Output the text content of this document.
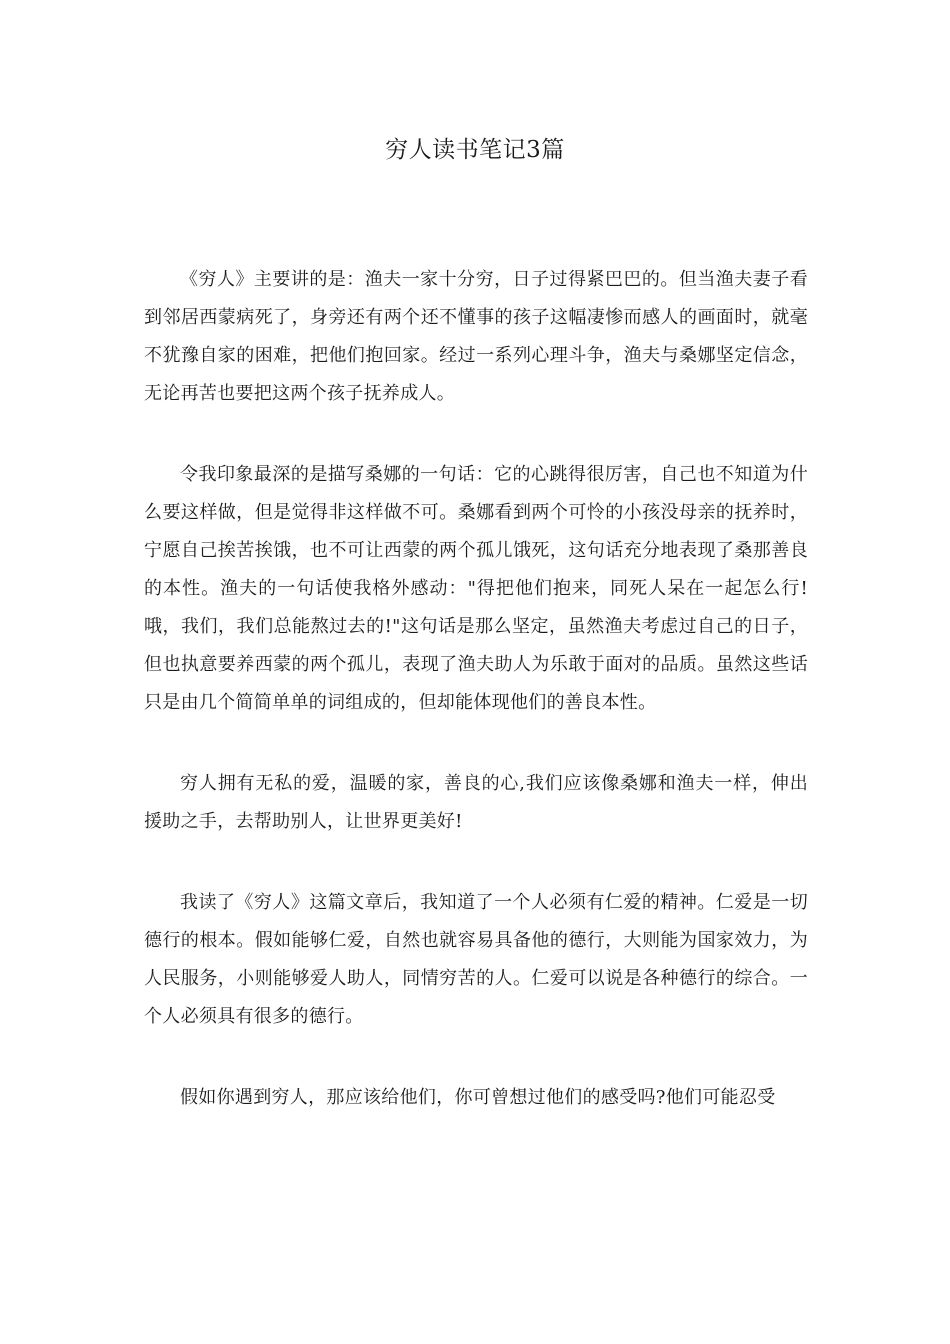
穷人读书笔记3篇

《穷人》主要讲的是：渔夫一家十分穷，日子过得紧巴巴的。但当渔夫妻子看到邻居西蒙病死了，身旁还有两个还不懂事的孩子这幅凄惨而感人的画面时，就毫不犹豫自家的困难，把他们抱回家。经过一系列心理斗争，渔夫与桑娜坚定信念，无论再苦也要把这两个孩子抚养成人。

令我印象最深的是描写桑娜的一句话：它的心跳得很厉害，自己也不知道为什么要这样做，但是觉得非这样做不可。桑娜看到两个可怜的小孩没母亲的抚养时，宁愿自己挨苦挨饿，也不可让西蒙的两个孤儿饿死，这句话充分地表现了桑那善良的本性。渔夫的一句话使我格外感动："得把他们抱来，同死人呆在一起怎么行!哦，我们，我们总能熬过去的!"这句话是那么坚定，虽然渔夫考虑过自己的日子，但也执意要养西蒙的两个孤儿，表现了渔夫助人为乐敢于面对的品质。虽然这些话只是由几个简简单单的词组成的，但却能体现他们的善良本性。

穷人拥有无私的爱，温暖的家，善良的心,我们应该像桑娜和渔夫一样，伸出援助之手，去帮助别人，让世界更美好!

我读了《穷人》这篇文章后，我知道了一个人必须有仁爱的精神。仁爱是一切德行的根本。假如能够仁爱，自然也就容易具备他的德行，大则能为国家效力，为人民服务，小则能够爱人助人，同情穷苦的人。仁爱可以说是各种德行的综合。一个人必须具有很多的德行。

假如你遇到穷人，那应该给他们，你可曾想过他们的感受吗?他们可能忍受
